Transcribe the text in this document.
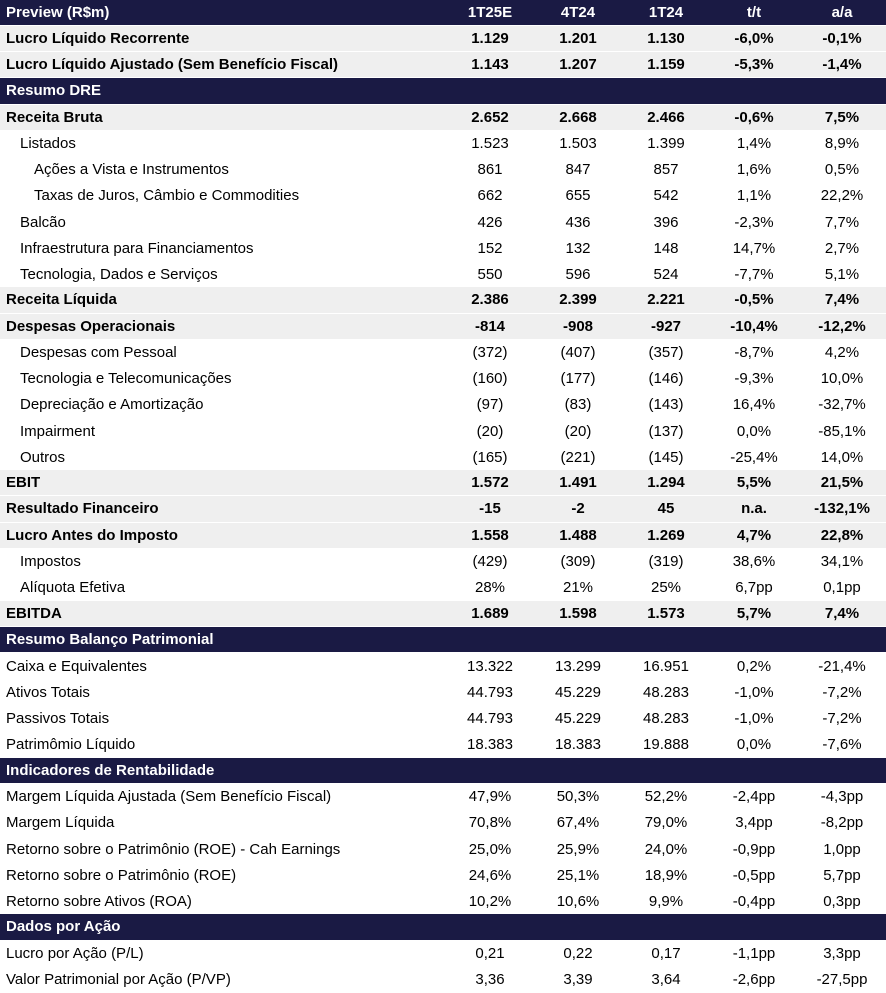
Preview (R$m)	1T25E	4T24	1T24	t/t	a/a
Lucro Líquido Recorrente	1.129	1.201	1.130	-6,0%	-0,1%
Lucro Líquido Ajustado (Sem Benefício Fiscal)	1.143	1.207	1.159	-5,3%	-1,4%
Resumo DRE
Receita Bruta	2.652	2.668	2.466	-0,6%	7,5%
Listados	1.523	1.503	1.399	1,4%	8,9%
Ações a Vista e Instrumentos	861	847	857	1,6%	0,5%
Taxas de Juros, Câmbio e Commodities	662	655	542	1,1%	22,2%
Balcão	426	436	396	-2,3%	7,7%
Infraestrutura para Financiamentos	152	132	148	14,7%	2,7%
Tecnologia, Dados e Serviços	550	596	524	-7,7%	5,1%
Receita Líquida	2.386	2.399	2.221	-0,5%	7,4%
Despesas Operacionais	-814	-908	-927	-10,4%	-12,2%
Despesas com Pessoal	(372)	(407)	(357)	-8,7%	4,2%
Tecnologia e Telecomunicações	(160)	(177)	(146)	-9,3%	10,0%
Depreciação e Amortização	(97)	(83)	(143)	16,4%	-32,7%
Impairment	(20)	(20)	(137)	0,0%	-85,1%
Outros	(165)	(221)	(145)	-25,4%	14,0%
EBIT	1.572	1.491	1.294	5,5%	21,5%
Resultado Financeiro	-15	-2	45	n.a.	-132,1%
Lucro Antes do Imposto	1.558	1.488	1.269	4,7%	22,8%
Impostos	(429)	(309)	(319)	38,6%	34,1%
Alíquota Efetiva	28%	21%	25%	6,7pp	0,1pp
EBITDA	1.689	1.598	1.573	5,7%	7,4%
Resumo Balanço Patrimonial
Caixa e Equivalentes	13.322	13.299	16.951	0,2%	-21,4%
Ativos Totais	44.793	45.229	48.283	-1,0%	-7,2%
Passivos Totais	44.793	45.229	48.283	-1,0%	-7,2%
Patrimômio Líquido	18.383	18.383	19.888	0,0%	-7,6%
Indicadores de Rentabilidade
Margem Líquida Ajustada (Sem Benefício Fiscal)	47,9%	50,3%	52,2%	-2,4pp	-4,3pp
Margem Líquida	70,8%	67,4%	79,0%	3,4pp	-8,2pp
Retorno sobre o Patrimônio (ROE) - Cah Earnings	25,0%	25,9%	24,0%	-0,9pp	1,0pp
Retorno sobre o Patrimônio (ROE)	24,6%	25,1%	18,9%	-0,5pp	5,7pp
Retorno sobre Ativos (ROA)	10,2%	10,6%	9,9%	-0,4pp	0,3pp
Dados por Ação
Lucro por Ação (P/L)	0,21	0,22	0,17	-1,1pp	3,3pp
Valor Patrimonial por Ação (P/VP)	3,36	3,39	3,64	-2,6pp	-27,5pp
